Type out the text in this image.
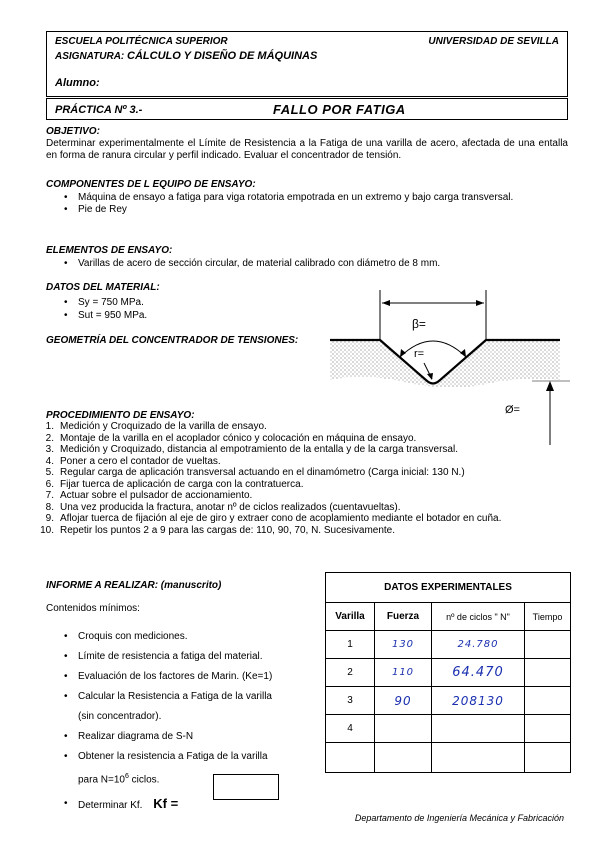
ESCUELA POLITÉCNICA SUPERIOR	UNIVERSIDAD DE SEVILLA
ASIGNATURA: CÁLCULO Y DISEÑO DE MÁQUINAS
Alumno:
PRÁCTICA Nº 3.-	FALLO POR FATIGA
OBJETIVO:
Determinar experimentalmente el Límite de Resistencia a la Fatiga de una varilla de acero, afectada de una entalla en forma de ranura circular y perfil indicado. Evaluar el concentrador de tensión.
COMPONENTES DE L EQUIPO DE ENSAYO:
• Máquina de ensayo a fatiga para viga rotatoria empotrada en un extremo y bajo carga transversal.
• Pie de Rey
ELEMENTOS DE ENSAYO:
• Varillas de acero de sección circular, de material calibrado con diámetro de 8 mm.
DATOS DEL MATERIAL:
• Sy = 750 MPa.
• Sut = 950 MPa.
GEOMETRÍA DEL CONCENTRADOR DE TENSIONES:
β=
r=
Ø=
PROCEDIMIENTO DE ENSAYO:
1. Medición y Croquizado de la varilla de ensayo.
2. Montaje de la varilla en el acoplador cónico y colocación en máquina de ensayo.
3. Medición y Croquizado, distancia al empotramiento de la entalla y de la carga transversal.
4. Poner a cero el contador de vueltas.
5. Regular carga de aplicación transversal actuando en el dinamómetro (Carga inicial: 130 N.)
6. Fijar tuerca de aplicación de carga con la contratuerca.
7. Actuar sobre el pulsador de accionamiento.
8. Una vez producida la fractura, anotar nº de ciclos realizados (cuentavueltas).
9. Aflojar tuerca de fijación al eje de giro y extraer cono de acoplamiento mediante el botador en cuña.
10. Repetir los puntos 2 a 9 para las cargas de: 110, 90, 70, N. Sucesivamente.
INFORME A REALIZAR: (manuscrito)
Contenidos mínimos:
• Croquis con mediciones.
• Límite de resistencia a fatiga del material.
• Evaluación de los factores de Marin. (Ke=1)
• Calcular la Resistencia a Fatiga de la varilla
(sin concentrador).
• Realizar diagrama de S-N
• Obtener la resistencia a Fatiga de la varilla
para $N=10^6$ ciclos.
• Determinar Kf. Kf =
DATOS EXPERIMENTALES			
Varilla	Fuerza	nº de ciclos " N"	Tiempo
1	130	24.780	
2	110	64.470	
3	90	208130	
4			

Departamento de Ingeniería Mecánica y Fabricación
